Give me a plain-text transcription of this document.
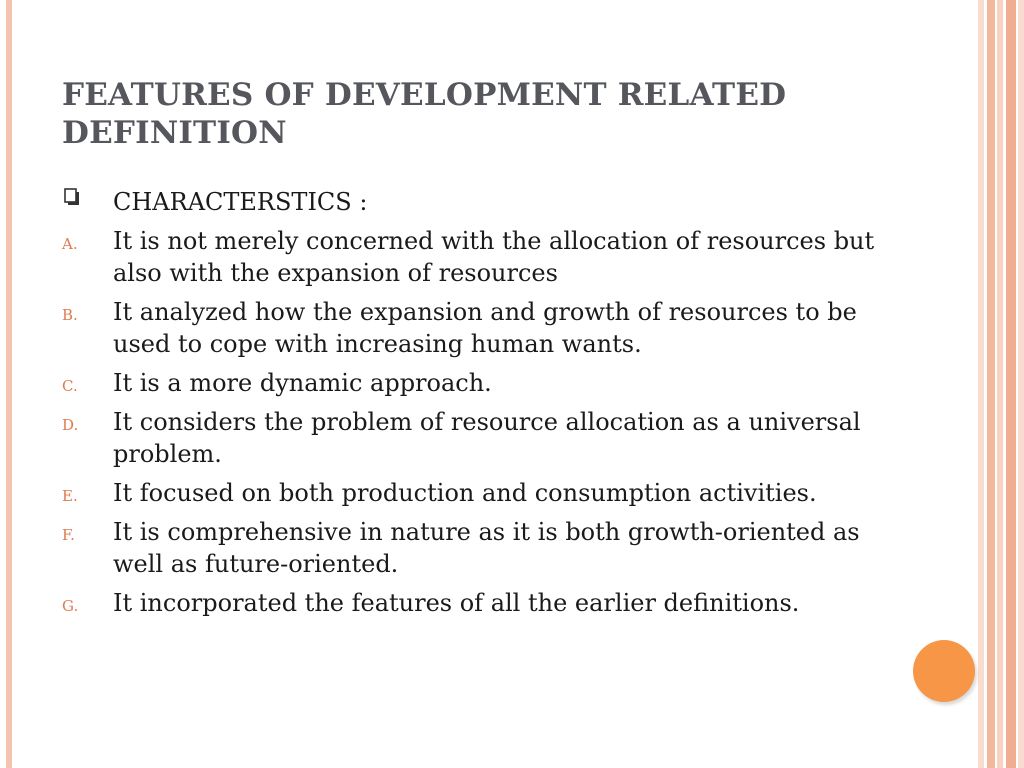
FEATURES OF DEVELOPMENT RELATED DEFINITION
CHARACTERSTICS :
A. It is not merely concerned with the allocation of resources but also with the expansion of resources
B. It analyzed how the expansion and growth of resources to be used to cope with increasing human wants.
C. It is a more dynamic approach.
D. It considers the problem of resource allocation as a universal problem.
E. It focused on both production and consumption activities.
F. It is comprehensive in nature as it is both growth-oriented as well as future-oriented.
G. It incorporated the features of all the earlier definitions.
